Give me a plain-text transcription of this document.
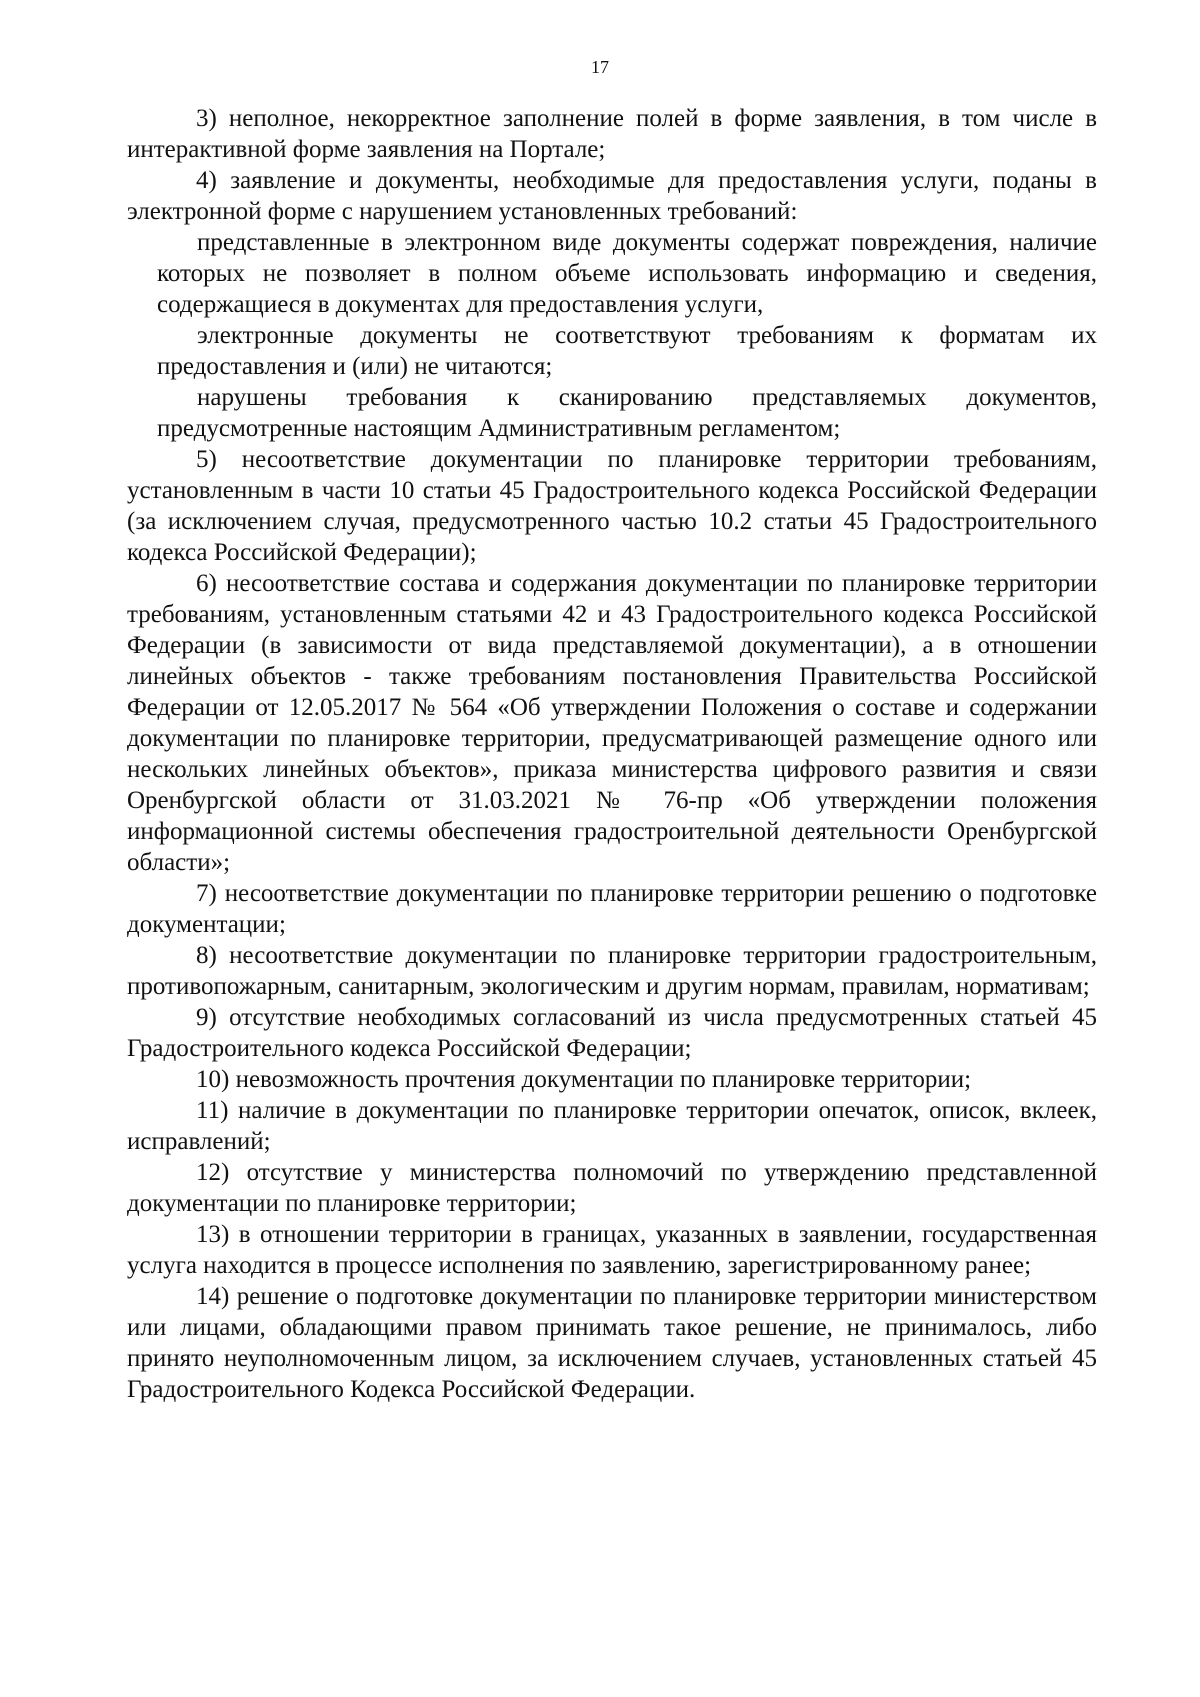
17

3) неполное, некорректное заполнение полей в форме заявления, в том числе в интерактивной форме заявления на Портале;

4) заявление и документы, необходимые для предоставления услуги, поданы в электронной форме с нарушением установленных требований:

представленные в электронном виде документы содержат повреждения, наличие которых не позволяет в полном объеме использовать информацию и сведения, содержащиеся в документах для предоставления услуги,

электронные документы не соответствуют требованиям к форматам их предоставления и (или) не читаются;

нарушены требования к сканированию представляемых документов, предусмотренные настоящим Административным регламентом;

5) несоответствие документации по планировке территории требованиям, установленным в части 10 статьи 45 Градостроительного кодекса Российской Федерации (за исключением случая, предусмотренного частью 10.2 статьи 45 Градостроительного кодекса Российской Федерации);

6) несоответствие состава и содержания документации по планировке территории требованиям, установленным статьями 42 и 43 Градостроительного кодекса Российской Федерации (в зависимости от вида представляемой документации), а в отношении линейных объектов - также требованиям постановления Правительства Российской Федерации от 12.05.2017 № 564 «Об утверждении Положения о составе и содержании документации по планировке территории, предусматривающей размещение одного или нескольких линейных объектов», приказа министерства цифрового развития и связи Оренбургской области от 31.03.2021 № 76-пр «Об утверждении положения информационной системы обеспечения градостроительной деятельности Оренбургской области»;

7) несоответствие документации по планировке территории решению о подготовке документации;

8) несоответствие документации по планировке территории градостроительным, противопожарным, санитарным, экологическим и другим нормам, правилам, нормативам;

9) отсутствие необходимых согласований из числа предусмотренных статьей 45 Градостроительного кодекса Российской Федерации;

10) невозможность прочтения документации по планировке территории;

11) наличие в документации по планировке территории опечаток, описок, вклеек, исправлений;

12) отсутствие у министерства полномочий по утверждению представленной документации по планировке территории;

13) в отношении территории в границах, указанных в заявлении, государственная услуга находится в процессе исполнения по заявлению, зарегистрированному ранее;

14) решение о подготовке документации по планировке территории министерством или лицами, обладающими правом принимать такое решение, не принималось, либо принято неуполномоченным лицом, за исключением случаев, установленных статьей 45 Градостроительного Кодекса Российской Федерации.
